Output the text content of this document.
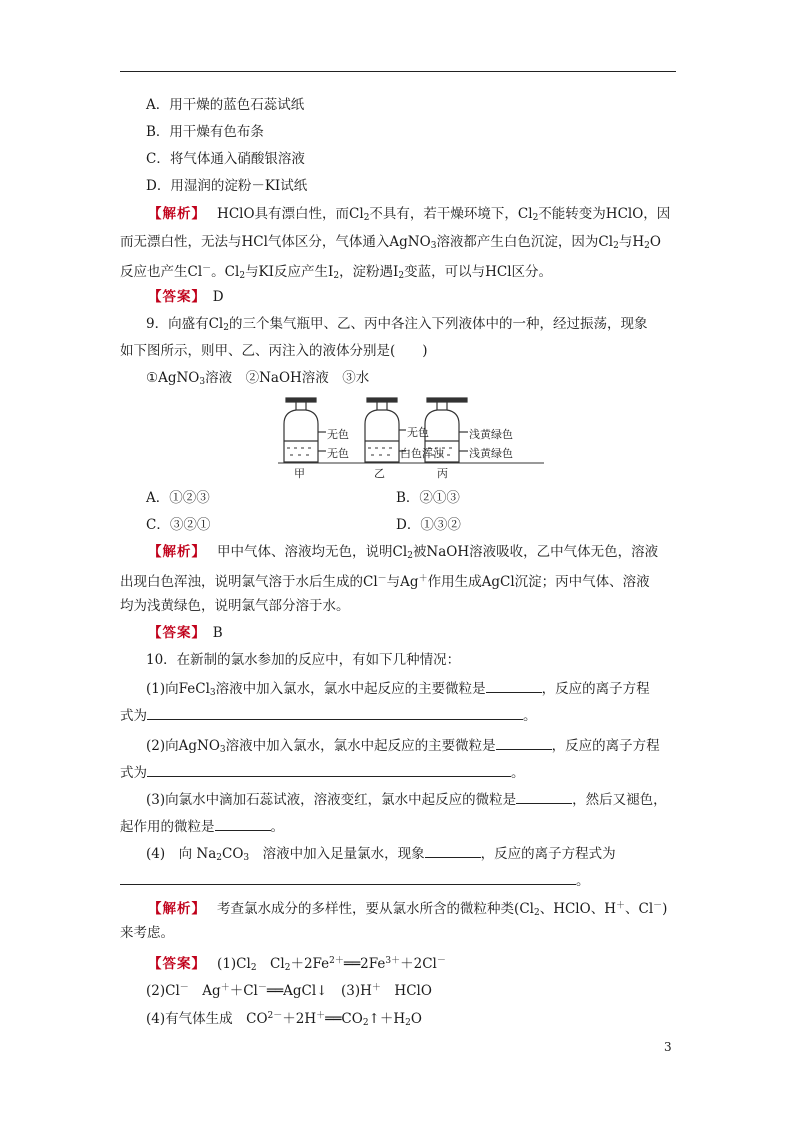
A．用干燥的蓝色石蕊试纸
B．用干燥有色布条
C．将气体通入硝酸银溶液
D．用湿润的淀粉－KI试纸
【解析】　 HClO具有漂白性，而$Cl_2$不具有，若干燥环境下，$Cl_2$不能转变为HClO，因
而无漂白性，无法与HCl气体区分，气体通入AgNO$_3$溶液都产生白色沉淀，因为$Cl_2$与$H_2O$
反应也产生Cl－。$Cl_2$与KI反应产生$I_2$，淀粉遇$I_2$变蓝，可以与HCl区分。
【答案】　 D
9．向盛有$Cl_2$的三个集气瓶甲、乙、丙中各注入下列液体中的一种，经过振荡，现象
如下图所示，则甲、乙、丙注入的液体分别是(　　)
①AgNO$_3$溶液　②NaOH溶液　③水
无色
无色
甲
无色
白色浑浊
乙
浅黄绿色
浅黄绿色
丙
A．①②③	B．②①③
C．③②①	D．①③②
【解析】　 甲中气体、溶液均无色，说明$Cl_2$被NaOH溶液吸收，乙中气体无色，溶液
出现白色浑浊，说明氯气溶于水后生成的Cl－与Ag＋作用生成AgCl沉淀；丙中气体、溶液
均为浅黄绿色，说明氯气部分溶于水。
【答案】　 B
10．在新制的氯水参加的反应中，有如下几种情况：
(1)向FeCl$_3$溶液中加入氯水，氯水中起反应的主要微粒是	，反应的离子方程
式为	。
(2)向AgNO$_3$溶液中加入氯水，氯水中起反应的主要微粒是	，反应的离子方程
式为	。
(3)向氯水中滴加石蕊试液，溶液变红，氯水中起反应的微粒是	，然后又褪色，
起作用的微粒是	。
(4)　向 $Na_2CO_3$　溶液中加入足量氯水，现象	，反应的离子方程式为
。
【解析】　 考查氯水成分的多样性，要从氯水所含的微粒种类($Cl_2$、HClO、H＋、Cl－)
来考虑。
【答案】　 $(1)Cl_2$　$Cl_2+2Fe^{2+}══2Fe^{3+}+2Cl^-$
(2)Cl－　Ag＋＋Cl－══AgCl↓　(3)H＋　HClO
(4)有气体生成　$CO^{2-}+2H^+══CO_2↑+H_2O$
3
